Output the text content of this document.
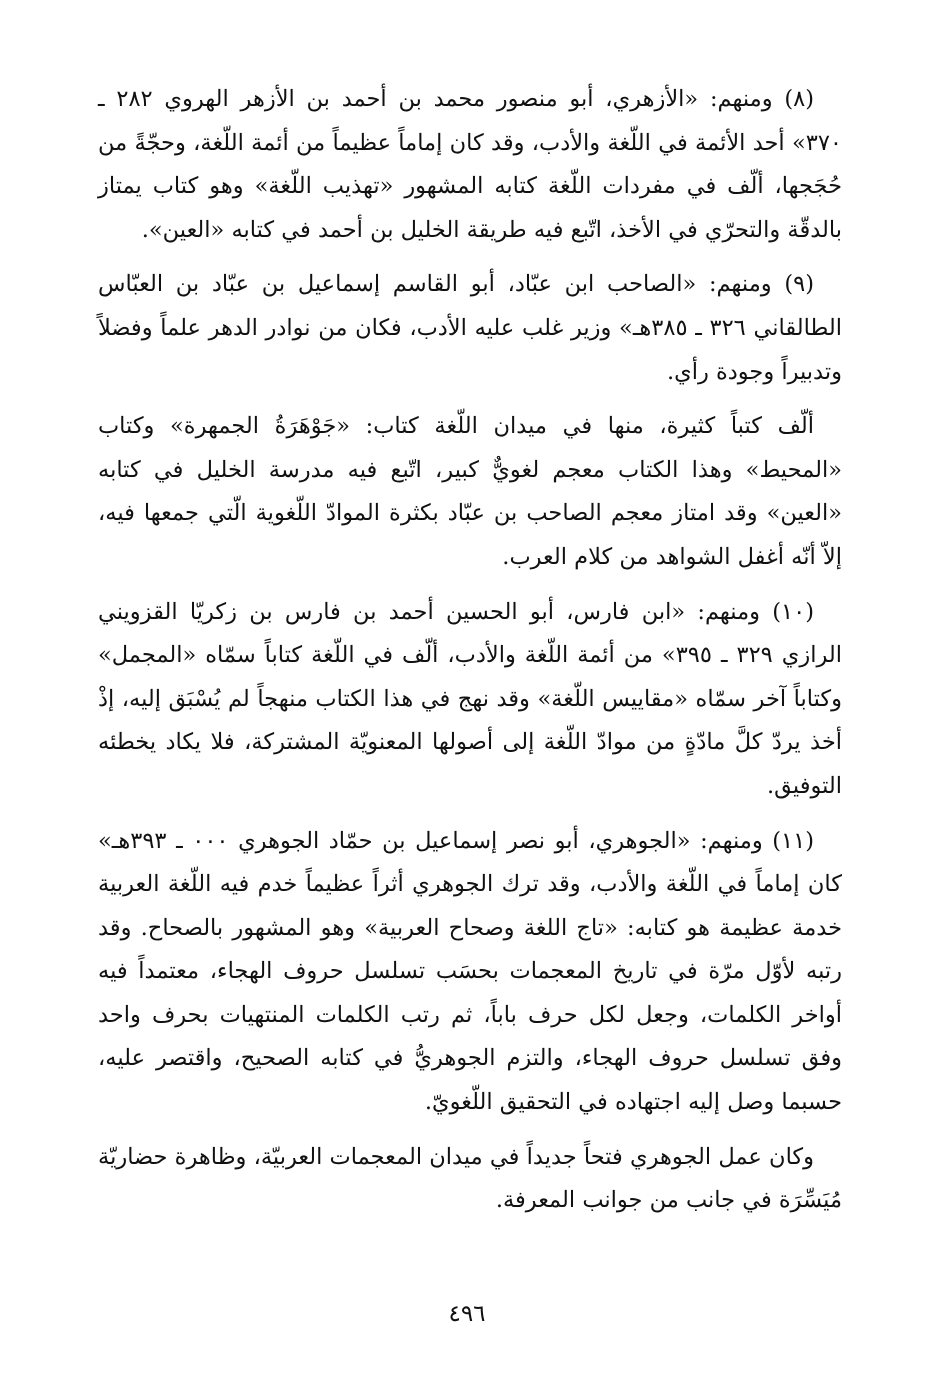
(٨) ومنهم: «الأزهري، أبو منصور محمد بن أحمد بن الأزهر الهروي ٢٨٢ ـ ٣٧٠» أحد الأئمة في اللّغة والأدب، وقد كان إماماً عظيماً من أئمة اللّغة، وحجّةً من حُجَجها، ألّف في مفردات اللّغة كتابه المشهور «تهذيب اللّغة» وهو كتاب يمتاز بالدقّة والتحرّي في الأخذ، اتّبع فيه طريقة الخليل بن أحمد في كتابه «العين».

(٩) ومنهم: «الصاحب ابن عبّاد، أبو القاسم إسماعيل بن عبّاد بن العبّاس الطالقاني ٣٢٦ ـ ٣٨٥هـ» وزير غلب عليه الأدب، فكان من نوادر الدهر علماً وفضلاً وتدبيراً وجودة رأي.

ألّف كتباً كثيرة، منها في ميدان اللّغة كتاب: «جَوْهَرَةُ الجمهرة» وكتاب «المحيط» وهذا الكتاب معجم لغويٌّ كبير، اتّبع فيه مدرسة الخليل في كتابه «العين» وقد امتاز معجم الصاحب بن عبّاد بكثرة الموادّ اللّغوية الّتي جمعها فيه، إلاّ أنّه أغفل الشواهد من كلام العرب.

(١٠) ومنهم: «ابن فارس، أبو الحسين أحمد بن فارس بن زكريّا القزويني الرازي ٣٢٩ ـ ٣٩٥» من أئمة اللّغة والأدب، ألّف في اللّغة كتاباً سمّاه «المجمل» وكتاباً آخر سمّاه «مقاييس اللّغة» وقد نهج في هذا الكتاب منهجاً لم يُسْبَق إليه، إذْ أخذ يردّ كلَّ مادّةٍ من موادّ اللّغة إلى أصولها المعنويّة المشتركة، فلا يكاد يخطئه التوفيق.

(١١) ومنهم: «الجوهري، أبو نصر إسماعيل بن حمّاد الجوهري ٠٠٠ ـ ٣٩٣هـ» كان إماماً في اللّغة والأدب، وقد ترك الجوهري أثراً عظيماً خدم فيه اللّغة العربية خدمة عظيمة هو كتابه: «تاج اللغة وصحاح العربية» وهو المشهور بالصحاح. وقد رتبه لأوّل مرّة في تاريخ المعجمات بحسَب تسلسل حروف الهجاء، معتمداً فيه أواخر الكلمات، وجعل لكل حرف باباً، ثم رتب الكلمات المنتهيات بحرف واحد وفق تسلسل حروف الهجاء، والتزم الجوهريُّ في كتابه الصحيح، واقتصر عليه، حسبما وصل إليه اجتهاده في التحقيق اللّغويّ.

وكان عمل الجوهري فتحاً جديداً في ميدان المعجمات العربيّة، وظاهرة حضاريّة مُيَسِّرَة في جانب من جوانب المعرفة.

٤٩٦
